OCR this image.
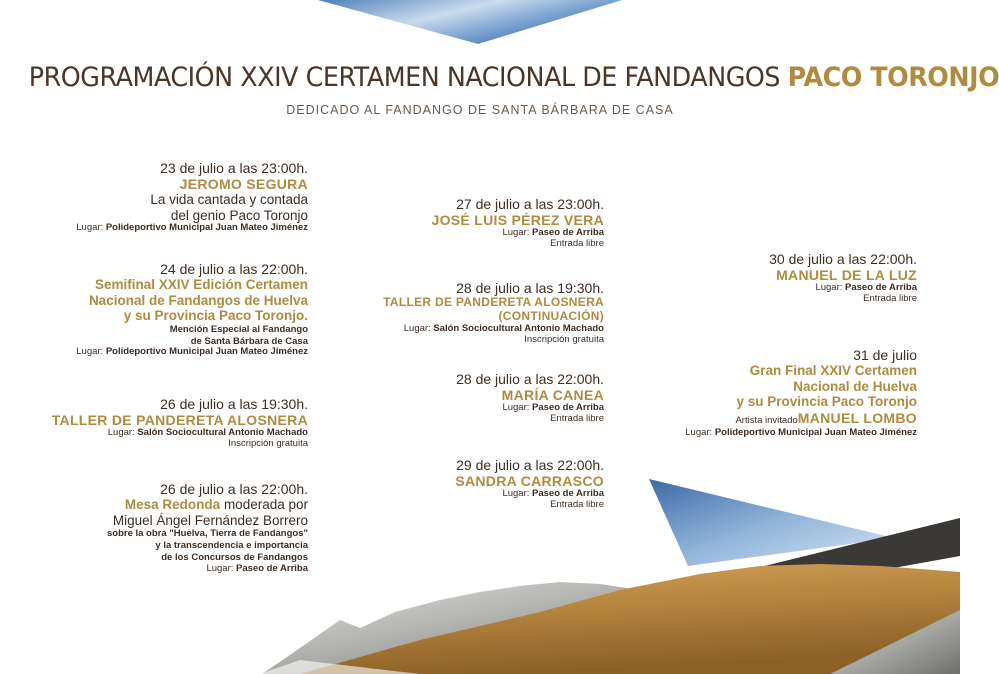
PROGRAMACIÓN XXIV CERTAMEN NACIONAL DE FANDANGOS PACO TORONJO
DEDICADO AL FANDANGO DE SANTA BÁRBARA DE CASA
23 de julio a las 23:00h.
JEROMO SEGURA
La vida cantada y contada
del genio Paco Toronjo
Lugar: Polideportivo Municipal Juan Mateo Jiménez
24 de julio a las 22:00h.
Semifinal XXIV Edición Certamen
Nacional de Fandangos de Huelva
y su Provincia Paco Toronjo.
Mención Especial al Fandango
de Santa Bárbara de Casa
Lugar: Polideportivo Municipal Juan Mateo Jiménez
26 de julio a las 19:30h.
TALLER DE PANDERETA ALOSNERA
Lugar: Salón Sociocultural Antonio Machado
Inscripción gratuita
26 de julio a las 22:00h.
Mesa Redonda moderada por
Miguel Ángel Fernández Borrero
sobre la obra "Huelva, Tierra de Fandangos"
y la transcendencia e importancia
de los Concursos de Fandangos
Lugar: Paseo de Arriba
27 de julio a las 23:00h.
JOSÉ LUIS PÉREZ VERA
Lugar: Paseo de Arriba
Entrada libre
28 de julio a las 19:30h.
TALLER DE PANDERETA ALOSNERA
(CONTINUACIÓN)
Lugar: Salón Sociocultural Antonio Machado
Inscripción gratuita
28 de julio a las 22:00h.
MARÍA CANEA
Lugar: Paseo de Arriba
Entrada libre
29 de julio a las 22:00h.
SANDRA CARRASCO
Lugar: Paseo de Arriba
Entrada libre
30 de julio a las 22:00h.
MANUEL DE LA LUZ
Lugar: Paseo de Arriba
Entrada libre
31 de julio
Gran Final XXIV Certamen
Nacional de Huelva
y su Provincia Paco Toronjo
Artista invitadoMANUEL LOMBO
Lugar: Polideportivo Municipal Juan Mateo Jiménez
